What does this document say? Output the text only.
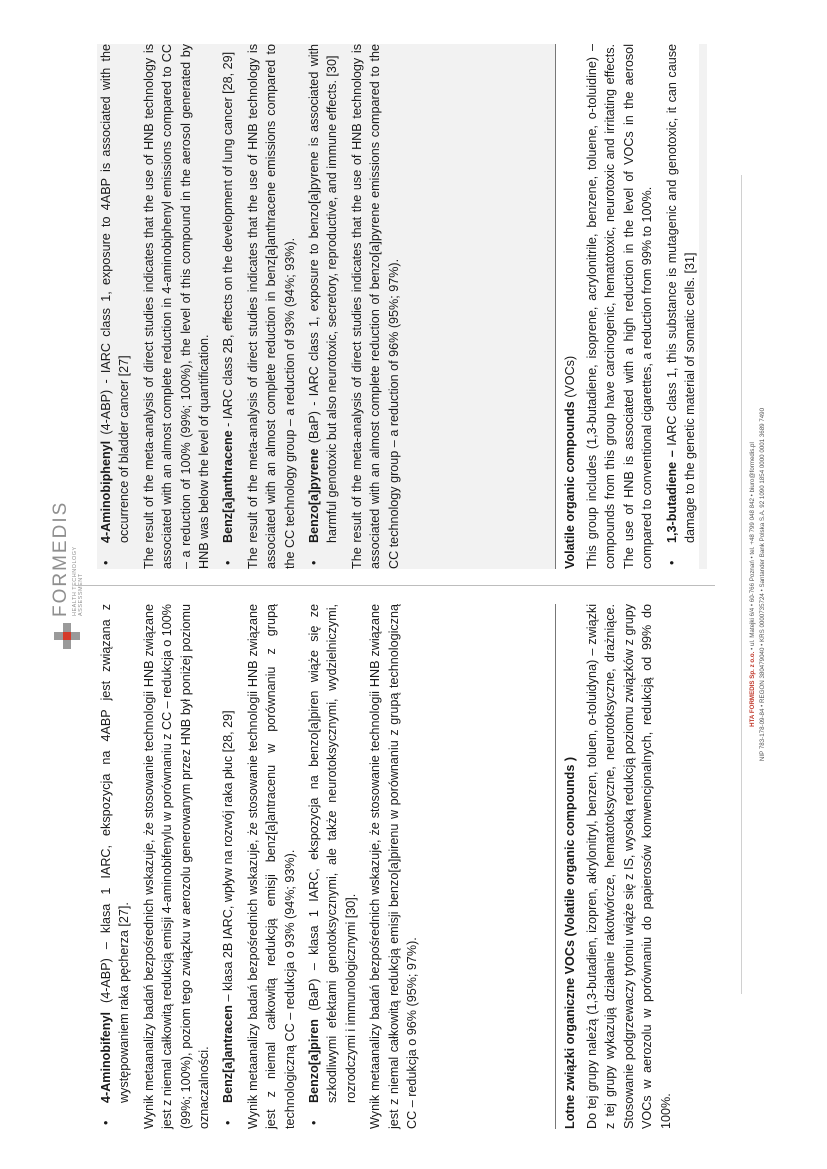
FORMEDIS HEALTH TECHNOLOGY ASSESSMENT
• 4-Aminobifenyl (4-ABP) – klasa 1 IARC, ekspozycja na 4ABP jest związana z występowaniem raka pęcherza [27]. Wynik metaanalizy badań bezpośrednich wskazuje, że stosowanie technologii HNB związane jest z niemal całkowitą redukcją emisji 4-aminobifenylu w porównaniu z CC – redukcja o 100% (99%; 100%), poziom tego związku w aerozolu generowanym przez HNB był poniżej poziomu oznaczalności. • Benz[a]antracen – klasa 2B IARC, wpływ na rozwój raka płuc [28, 29] Wynik metaanalizy badań bezpośrednich wskazuje, że stosowanie technologii HNB związane jest z niemal całkowitą redukcją emisji benz[a]antracenu w porównaniu z grupą technologiczną CC – redukcja o 93% (94%; 93%). • Benzo[a]piren (BaP) – klasa 1 IARC, ekspozycja na benzo[a]piren wiąże się ze szkodliwymi efektami genotoksycznymi, ale także neurotoksycznymi, wydzielniczymi, rozrodczymi i immunologicznymi [30]. Wynik metaanalizy badań bezpośrednich wskazuje, że stosowanie technologii HNB związane jest z niemal całkowitą redukcją emisji benzo[a]pirenu w porównaniu z grupą technologiczną CC – redukcja o 96% (95%; 97%).	Lotne związki organiczne VOCs (Volatile organic compounds ) Do tej grupy należą (1,3-butadien, izopren, akrylonitryl, benzen, toluen, o-toluidyna) – związki z tej grupy wykazują działanie rakotwórcze, hematotoksyczne, neurotoksyczne, drażniące. Stosowanie podgrzewaczy tytoniu wiąże się z IS, wysoką redukcją poziomu związków z grupy VOCs w aerozolu w porównaniu do papierosów konwencjonalnych, redukcją od 99% do 100%.

• 4-Aminobiphenyl (4-ABP) - IARC class 1, exposure to 4ABP is associated with the occurrence of bladder cancer [27] The result of the meta-analysis of direct studies indicates that the use of HNB technology is associated with an almost complete reduction in 4-aminobiphenyl emissions compared to CC – a reduction of 100% (99%; 100%), the level of this compound in the aerosol generated by HNB was below the level of quantification. • Benz[a]anthracene - IARC class 2B, effects on the development of lung cancer [28, 29] The result of the meta-analysis of direct studies indicates that the use of HNB technology is associated with an almost complete reduction in benz[a]anthracene emissions compared to the CC technology group – a reduction of 93% (94%; 93%). • Benzo[a]pyrene (BaP) - IARC class 1, exposure to benzo[a]pyrene is associated with harmful genotoxic but also neurotoxic, secretory, reproductive, and immune effects. [30] The result of the meta-analysis of direct studies indicates that the use of HNB technology is associated with an almost complete reduction of benzo[a]pyrene emissions compared to the CC technology group – a reduction of 96% (95%; 97%).	Volatile organic compounds (VOCs) This group includes (1,3-butadiene, isoprene, acrylonitrile, benzene, toluene, o-toluidine) – compounds from this group have carcinogenic, hematotoxic, neurotoxic and irritating effects. The use of HNB is associated with a high reduction in the level of VOCs in the aerosol compared to conventional cigarettes, a reduction from 99% to 100%. • 1,3-butadiene – IARC class 1, this substance is mutagenic and genotoxic, it can cause damage to the genetic material of somatic cells. [31]
HTA FORMEDIS Sp. z o.o. • ul. Matejki 6/4 • 60-766 Poznań • tel. +48 799 048 842 • biuro@formedis.pl NIP 783-178-09-84 • REGON 380479040 • KRS 0000735724 • Santander Bank Polska S.A. 92 1090 1854 0000 0001 3689 7490
